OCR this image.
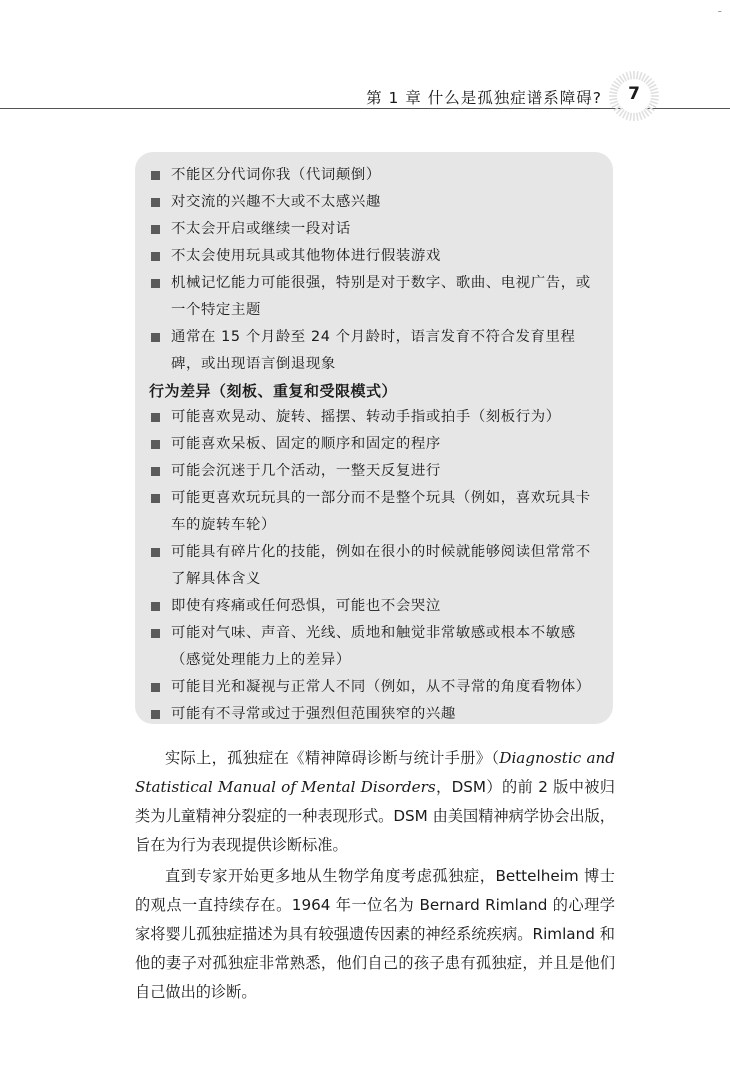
-
第 1 章 什么是孤独症谱系障碍?	7
不能区分代词你我（代词颠倒）
对交流的兴趣不大或不太感兴趣
不太会开启或继续一段对话
不太会使用玩具或其他物体进行假装游戏
机械记忆能力可能很强，特别是对于数字、歌曲、电视广告，或一个特定主题
通常在 15 个月龄至 24 个月龄时，语言发育不符合发育里程碑，或出现语言倒退现象
行为差异（刻板、重复和受限模式）
可能喜欢晃动、旋转、摇摆、转动手指或拍手（刻板行为）
可能喜欢呆板、固定的顺序和固定的程序
可能会沉迷于几个活动，一整天反复进行
可能更喜欢玩玩具的一部分而不是整个玩具（例如，喜欢玩具卡车的旋转车轮）
可能具有碎片化的技能，例如在很小的时候就能够阅读但常常不了解具体含义
即使有疼痛或任何恐惧，可能也不会哭泣
可能对气味、声音、光线、质地和触觉非常敏感或根本不敏感（感觉处理能力上的差异）
可能目光和凝视与正常人不同（例如，从不寻常的角度看物体）
可能有不寻常或过于强烈但范围狭窄的兴趣

实际上，孤独症在《精神障碍诊断与统计手册》（Diagnostic and Statistical Manual of Mental Disorders，DSM）的前 2 版中被归类为儿童精神分裂症的一种表现形式。DSM 由美国精神病学协会出版，旨在为行为表现提供诊断标准。

直到专家开始更多地从生物学角度考虑孤独症，Bettelheim 博士的观点一直持续存在。1964 年一位名为 Bernard Rimland 的心理学家将婴儿孤独症描述为具有较强遗传因素的神经系统疾病。Rimland 和他的妻子对孤独症非常熟悉，他们自己的孩子患有孤独症，并且是他们自己做出的诊断。
